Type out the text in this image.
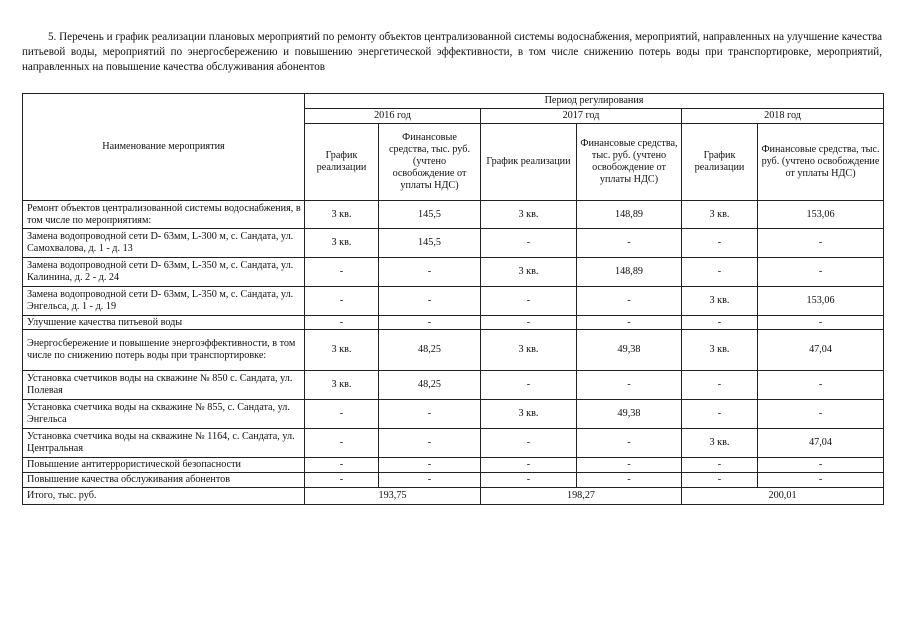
5. Перечень и график реализации плановых мероприятий по ремонту объектов централизованной системы водоснабжения, мероприятий, направленных на улучшение качества питьевой воды, мероприятий по энергосбережению и повышению энергетической эффективности, в том числе снижению потерь воды при транспортировке, мероприятий, направленных на повышение качества обслуживания абонентов
Наименование мероприятия	Период регулирования					
	2016 год		2017 год		2018 год	
	График реализации	Финансовые средства, тыс. руб. (учтено освобождение от уплаты НДС)	График реализации	Финансовые средства, тыс. руб. (учтено освобождение от уплаты НДС)	График реализации	Финансовые средства, тыс. руб. (учтено освобождение от уплаты НДС)
Ремонт объектов централизованной системы водоснабжения, в том числе по мероприятиям:	3 кв.	145,5	3 кв.	148,89	3 кв.	153,06
Замена водопроводной сети D- 63мм, L-300 м, с. Сандата, ул. Самохвалова, д. 1 - д. 13	3 кв.	145,5	-	-	-	-
Замена водопроводной сети D- 63мм, L-350 м, с. Сандата, ул. Калинина, д. 2 - д. 24	-	-	3 кв.	148,89	-	-
Замена водопроводной сети D- 63мм, L-350 м, с. Сандата, ул. Энгельса, д. 1 - д. 19	-	-	-	-	3 кв.	153,06
Улучшение качества питьевой воды	-	-	-	-	-	-
Энергосбережение и повышение энергоэффективности, в том числе по снижению потерь воды при транспортировке:	3 кв.	48,25	3 кв.	49,38	3 кв.	47,04
Установка счетчиков воды на скважине № 850 с. Сандата, ул. Полевая	3 кв.	48,25	-	-	-	-
Установка счетчика воды на скважине № 855, с. Сандата, ул. Энгельса	-	-	3 кв.	49,38	-	-
Установка счетчика воды на скважине № 1164, с. Сандата, ул. Центральная	-	-	-	-	3 кв.	47,04
Повышение антитеррористической безопасности	-	-	-	-	-	-
Повышение качества обслуживания абонентов	-	-	-	-	-	-
Итого, тыс. руб.	193,75		198,27		200,01	
